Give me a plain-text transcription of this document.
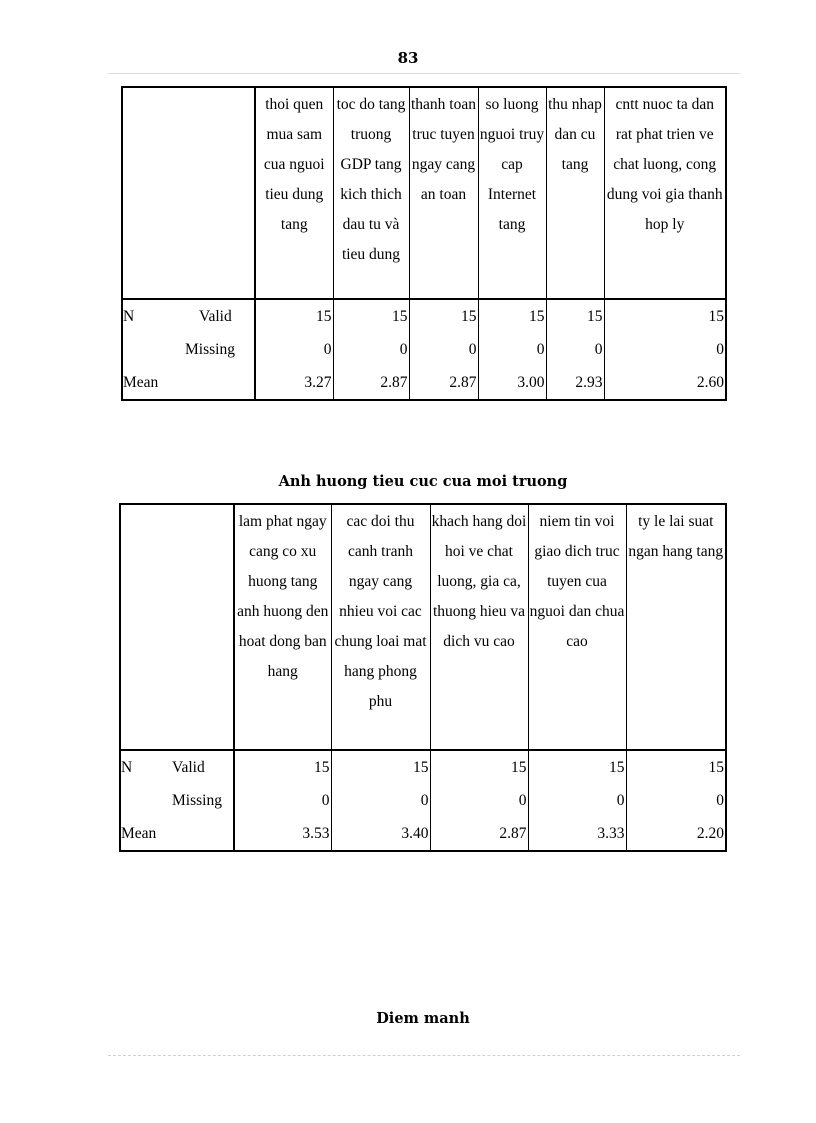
83
	thoi quen mua sam cua nguoi tieu dung tang	toc do tang truong GDP tang kich thich dau tu và tieu dung	thanh toan truc tuyen ngay cang an toan	so luong nguoi truy cap Internet tang	thu nhap dan cu tang	cntt nuoc ta dan rat phat trien ve chat luong, cong dung voi gia thanh hop ly

N Valid	15	15	15	15	15	15

Missing	0	0	0	0	0	0

Mean	3.27	2.87	2.87	3.00	2.93	2.60
Anh huong tieu cuc cua moi truong
	lam phat ngay cang co xu huong tang anh huong den hoat dong ban hang	cac doi thu canh tranh ngay cang nhieu voi cac chung loai mat hang phong phu	khach hang doi hoi ve chat luong, gia ca, thuong hieu va dich vu cao	niem tin voi giao dich truc tuyen cua nguoi dan chua cao	ty le lai suat ngan hang tang

N Valid	15	15	15	15	15

Missing	0	0	0	0	0

Mean	3.53	3.40	2.87	3.33	2.20
Diem manh
